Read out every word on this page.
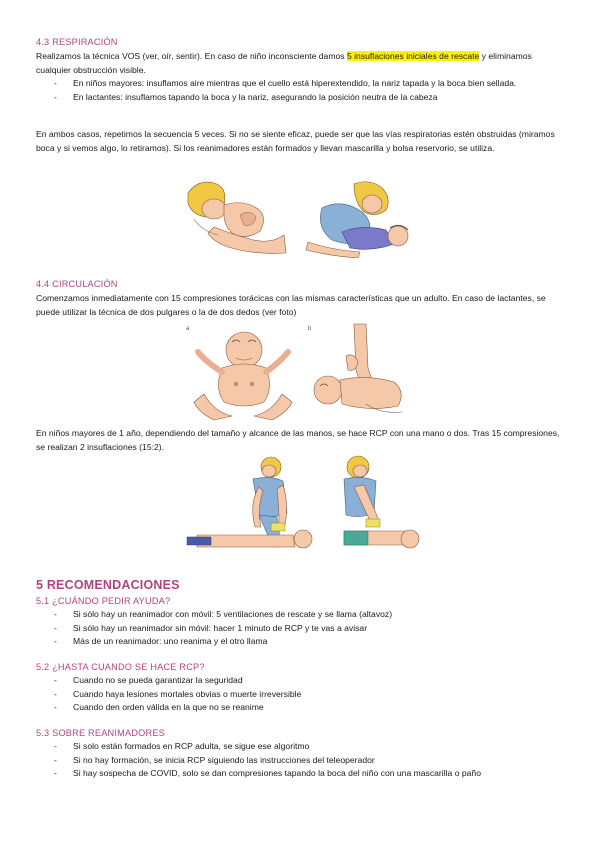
4.3 RESPIRACIÓN
Realizamos la técnica VOS (ver, oír, sentir). En caso de niño inconsciente damos 5 insuflaciones iniciales de rescate y eliminamos cualquier obstrucción visible.
- En niños mayores: insuflamos aire mientras que el cuello está hiperextendido, la nariz tapada y la boca bien sellada.
- En lactantes: insuflamos tapando la boca y la nariz, asegurando la posición neutra de la cabeza
En ambos casos, repetimos la secuencia 5 veces. Si no se siente eficaz, puede ser que las vías respiratorias estén obstruidas (miramos boca y si vemos algo, lo retiramos). Si los reanimadores están formados y llevan mascarilla y bolsa reservorio, se utiliza.
4.4 CIRCULACIÓN
Comenzamos inmediatamente con 15 compresiones torácicas con las mismas características que un adulto. En caso de lactantes, se puede utilizar la técnica de dos pulgares o la de dos dedos (ver foto)
a	b
En niños mayores de 1 año, dependiendo del tamaño y alcance de las manos, se hace RCP con una mano o dos. Tras 15 compresiones, se realizan 2 insuflaciones (15:2).
5 RECOMENDACIONES
5.1 ¿CUÁNDO PEDIR AYUDA?
- Si sólo hay un reanimador con móvil: 5 ventilaciones de rescate y se llama (altavoz)
- Si sólo hay un reanimador sin móvil: hacer 1 minuto de RCP y te vas a avisar
- Más de un reanimador: uno reanima y el otro llama
5.2 ¿HASTA CUANDO SE HACE RCP?
- Cuando no se pueda garantizar la seguridad
- Cuando haya lesiones mortales obvias o muerte irreversible
- Cuando den orden válida en la que no se reanime
5.3 SOBRE REANIMADORES
- Si solo están formados en RCP adulta, se sigue ese algoritmo
- Si no hay formación, se inicia RCP siguiendo las instrucciones del teleoperador
- Si hay sospecha de COVID, solo se dan compresiones tapando la boca del niño con una mascarilla o paño
